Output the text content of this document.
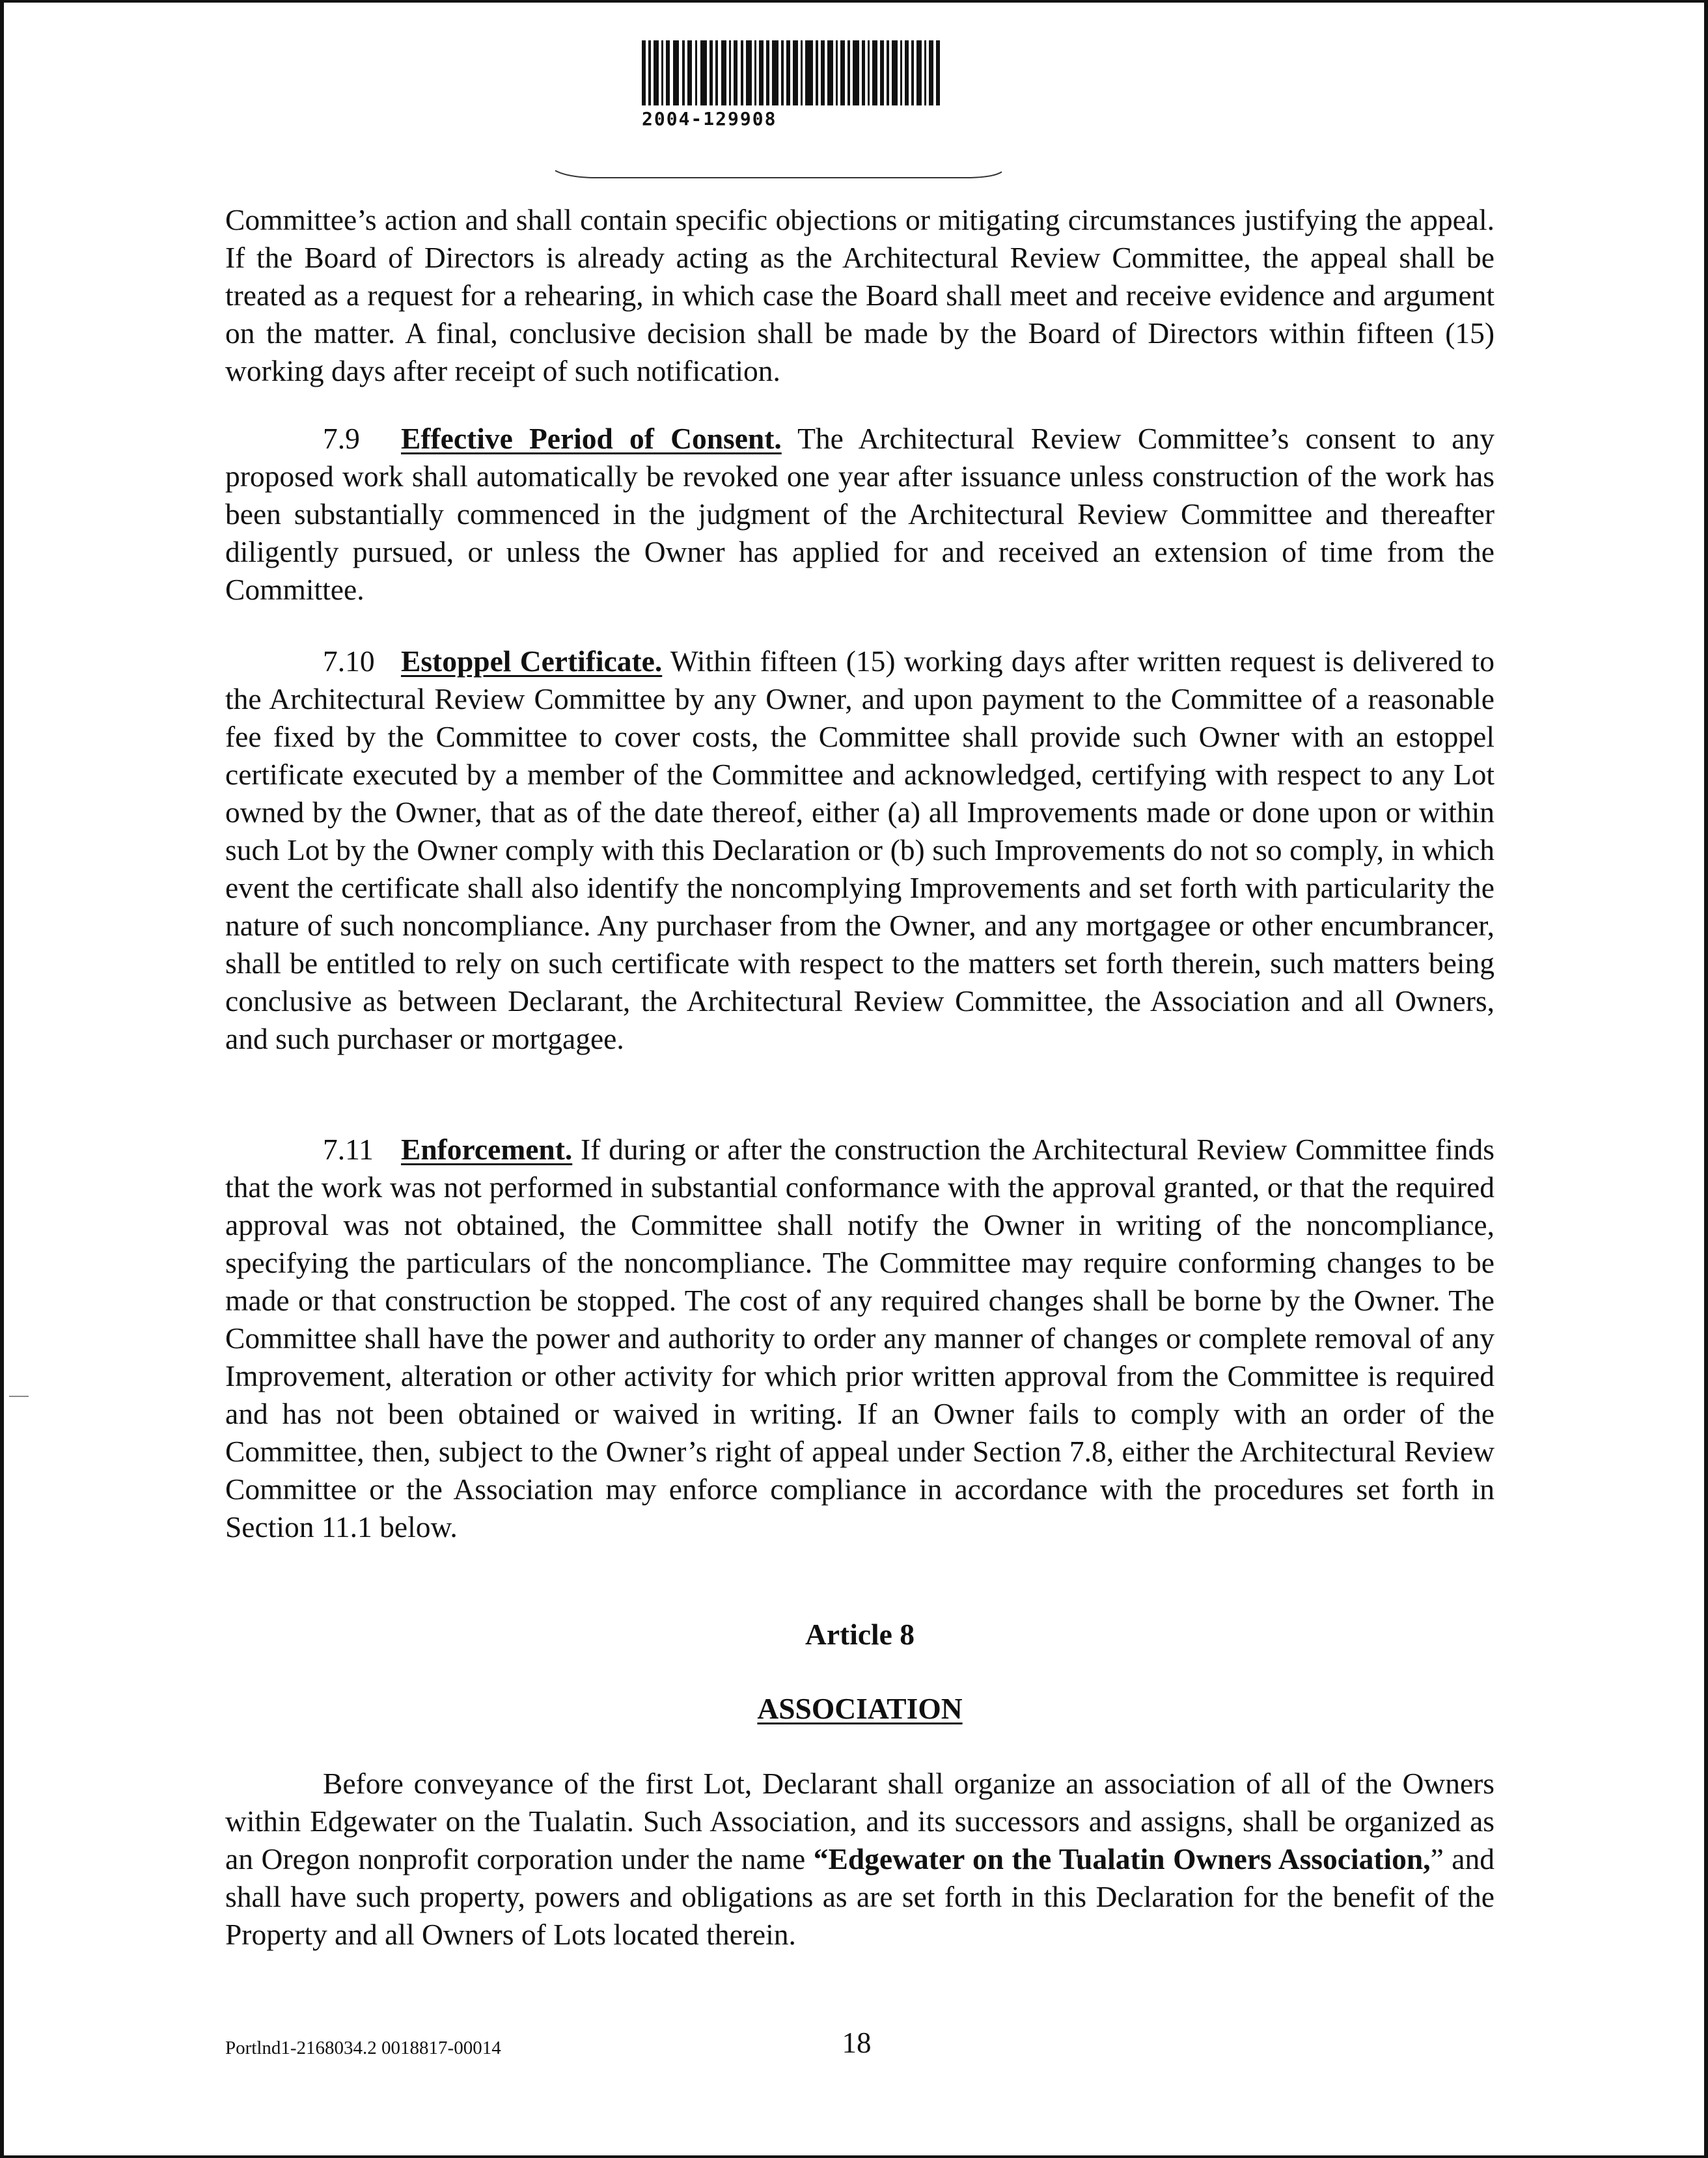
2004-129908

Committee’s action and shall contain specific objections or mitigating circumstances justifying the appeal. If the Board of Directors is already acting as the Architectural Review Committee, the appeal shall be treated as a request for a rehearing, in which case the Board shall meet and receive evidence and argument on the matter. A final, conclusive decision shall be made by the Board of Directors within fifteen (15) working days after receipt of such notification.

7.9 Effective Period of Consent. The Architectural Review Committee’s consent to any proposed work shall automatically be revoked one year after issuance unless construction of the work has been substantially commenced in the judgment of the Architectural Review Committee and thereafter diligently pursued, or unless the Owner has applied for and received an extension of time from the Committee.

7.10 Estoppel Certificate. Within fifteen (15) working days after written request is delivered to the Architectural Review Committee by any Owner, and upon payment to the Committee of a reasonable fee fixed by the Committee to cover costs, the Committee shall provide such Owner with an estoppel certificate executed by a member of the Committee and acknowledged, certifying with respect to any Lot owned by the Owner, that as of the date thereof, either (a) all Improvements made or done upon or within such Lot by the Owner comply with this Declaration or (b) such Improvements do not so comply, in which event the certificate shall also identify the noncomplying Improvements and set forth with particularity the nature of such noncompliance. Any purchaser from the Owner, and any mortgagee or other encumbrancer, shall be entitled to rely on such certificate with respect to the matters set forth therein, such matters being conclusive as between Declarant, the Architectural Review Committee, the Association and all Owners, and such purchaser or mortgagee.

7.11 Enforcement. If during or after the construction the Architectural Review Committee finds that the work was not performed in substantial conformance with the approval granted, or that the required approval was not obtained, the Committee shall notify the Owner in writing of the noncompliance, specifying the particulars of the noncompliance. The Committee may require conforming changes to be made or that construction be stopped. The cost of any required changes shall be borne by the Owner. The Committee shall have the power and authority to order any manner of changes or complete removal of any Improvement, alteration or other activity for which prior written approval from the Committee is required and has not been obtained or waived in writing. If an Owner fails to comply with an order of the Committee, then, subject to the Owner’s right of appeal under Section 7.8, either the Architectural Review Committee or the Association may enforce compliance in accordance with the procedures set forth in Section 11.1 below.

Article 8
ASSOCIATION

Before conveyance of the first Lot, Declarant shall organize an association of all of the Owners within Edgewater on the Tualatin. Such Association, and its successors and assigns, shall be organized as an Oregon nonprofit corporation under the name “Edgewater on the Tualatin Owners Association,” and shall have such property, powers and obligations as are set forth in this Declaration for the benefit of the Property and all Owners of Lots located therein.

Portlnd1-2168034.2 0018817-00014	18
